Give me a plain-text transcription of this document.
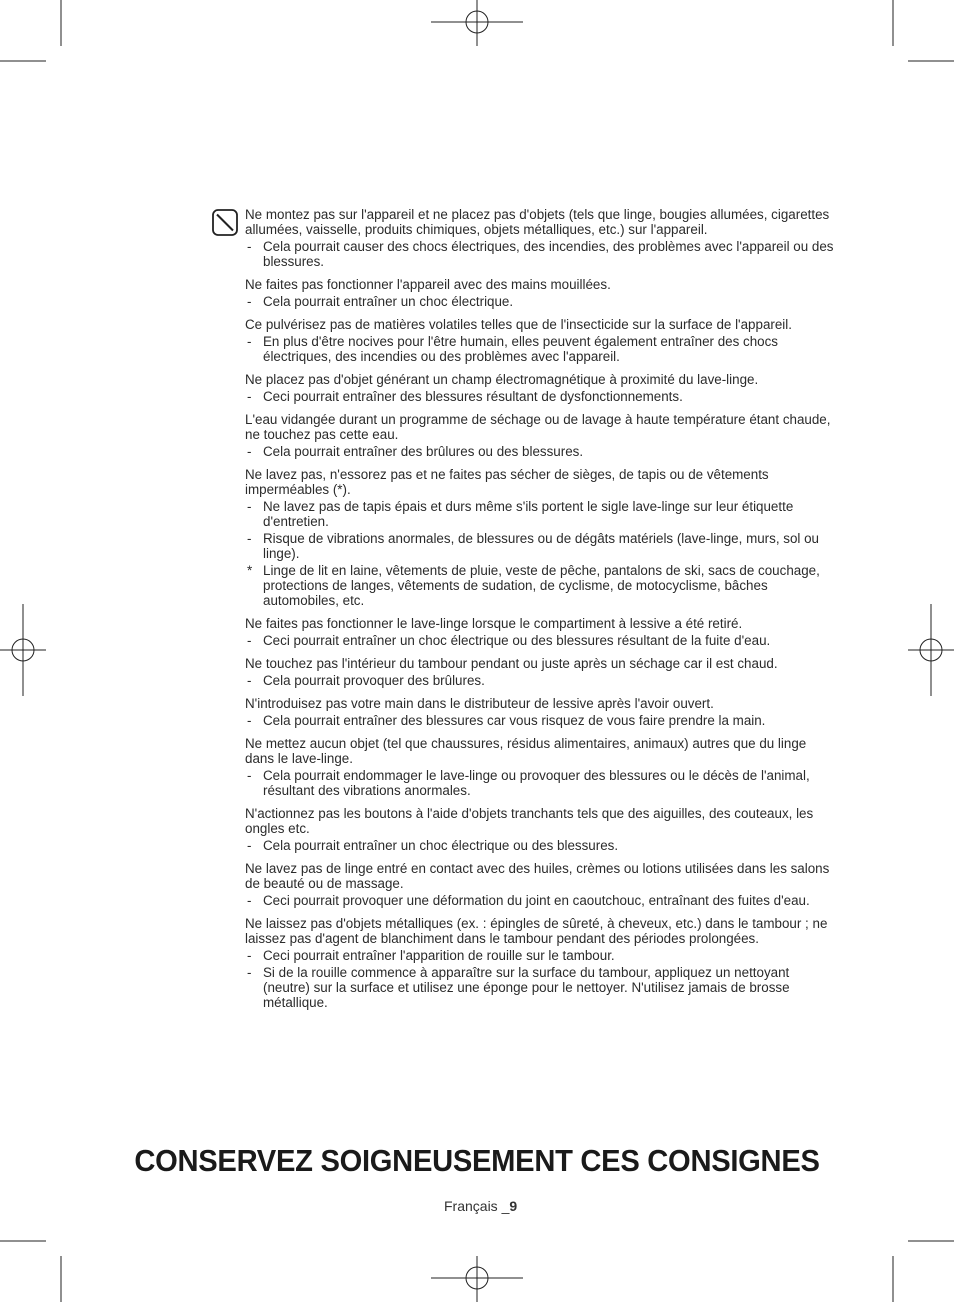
Ne montez pas sur l'appareil et ne placez pas d'objets (tels que linge, bougies allumées, cigarettes allumées, vaisselle, produits chimiques, objets métalliques, etc.) sur l'appareil.
- Cela pourrait causer des chocs électriques, des incendies, des problèmes avec l'appareil ou des blessures.
Ne faites pas fonctionner l'appareil avec des mains mouillées.
- Cela pourrait entraîner un choc électrique.
Ce pulvérisez pas de matières volatiles telles que de l'insecticide sur la surface de l'appareil.
- En plus d'être nocives pour l'être humain, elles peuvent également entraîner des chocs électriques, des incendies ou des problèmes avec l'appareil.
Ne placez pas d'objet générant un champ électromagnétique à proximité du lave-linge.
- Ceci pourrait entraîner des blessures résultant de dysfonctionnements.
L'eau vidangée durant un programme de séchage ou de lavage à haute température étant chaude, ne touchez pas cette eau.
- Cela pourrait entraîner des brûlures ou des blessures.
Ne lavez pas, n'essorez pas et ne faites pas sécher de sièges, de tapis ou de vêtements imperméables (*).
- Ne lavez pas de tapis épais et durs même s'ils portent le sigle lave-linge sur leur étiquette d'entretien.
- Risque de vibrations anormales, de blessures ou de dégâts matériels (lave-linge, murs, sol ou linge).
* Linge de lit en laine, vêtements de pluie, veste de pêche, pantalons de ski, sacs de couchage, protections de langes, vêtements de sudation, de cyclisme, de motocyclisme, bâches automobiles, etc.
Ne faites pas fonctionner le lave-linge lorsque le compartiment à lessive a été retiré.
- Ceci pourrait entraîner un choc électrique ou des blessures résultant de la fuite d'eau.
Ne touchez pas l'intérieur du tambour pendant ou juste après un séchage car il est chaud.
- Cela pourrait provoquer des brûlures.
N'introduisez pas votre main dans le distributeur de lessive après l'avoir ouvert.
- Cela pourrait entraîner des blessures car vous risquez de vous faire prendre la main.
Ne mettez aucun objet (tel que chaussures, résidus alimentaires, animaux) autres que du linge dans le lave-linge.
- Cela pourrait endommager le lave-linge ou provoquer des blessures ou le décès de l'animal, résultant des vibrations anormales.
N'actionnez pas les boutons à l'aide d'objets tranchants tels que des aiguilles, des couteaux, les ongles etc.
- Cela pourrait entraîner un choc électrique ou des blessures.
Ne lavez pas de linge entré en contact avec des huiles, crèmes ou lotions utilisées dans les salons de beauté ou de massage.
- Ceci pourrait provoquer une déformation du joint en caoutchouc, entraînant des fuites d'eau.
Ne laissez pas d'objets métalliques (ex. : épingles de sûreté, à cheveux, etc.) dans le tambour ; ne laissez pas d'agent de blanchiment dans le tambour pendant des périodes prolongées.
- Ceci pourrait entraîner l'apparition de rouille sur le tambour.
- Si de la rouille commence à apparaître sur la surface du tambour, appliquez un nettoyant (neutre) sur la surface et utilisez une éponge pour le nettoyer. N'utilisez jamais de brosse métallique.
CONSERVEZ SOIGNEUSEMENT CES CONSIGNES
Français _9
